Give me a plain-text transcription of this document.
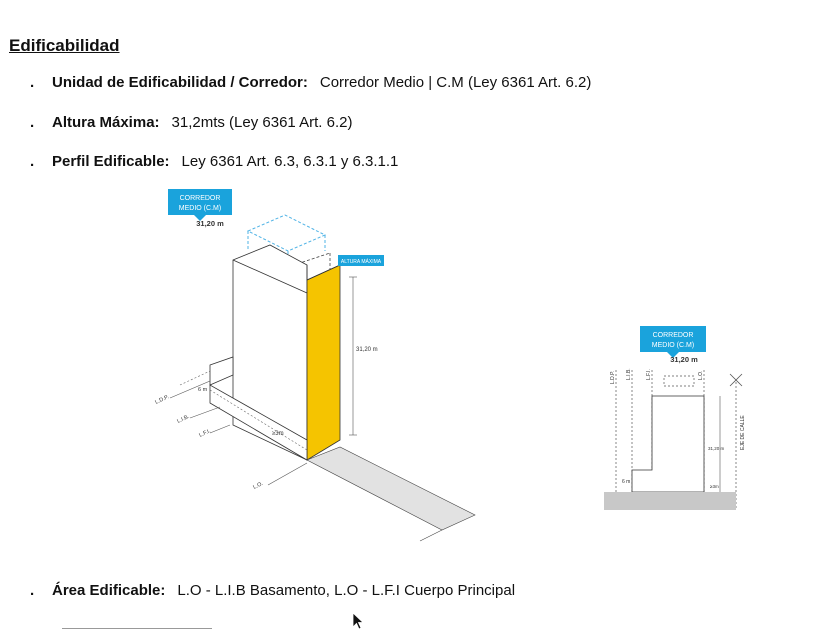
Edificabilidad
. Unidad de Edificabilidad / Corredor: Corredor Medio | C.M (Ley 6361 Art. 6.2)
. Altura Máxima: 31,2mts (Ley 6361 Art. 6.2)
. Perfil Edificable: Ley 6361 Art. 6.3, 6.3.1 y 6.3.1.1
CORREDOR
MEDIO (C.M)
31,20 m
ALTURA MÁXIMA
31,20 m
6 m
≥3m
L.D.P.
L.I.B.
L.F.I.
L.O.
CORREDOR
MEDIO (C.M)
31,20 m
L.D.P. L.I.B.	L.F.I.	L.O.
31,20 m
6 m
≥3m
EJE DE CALLE
. Área Edificable: L.O - L.I.B Basamento, L.O - L.F.I Cuerpo Principal
